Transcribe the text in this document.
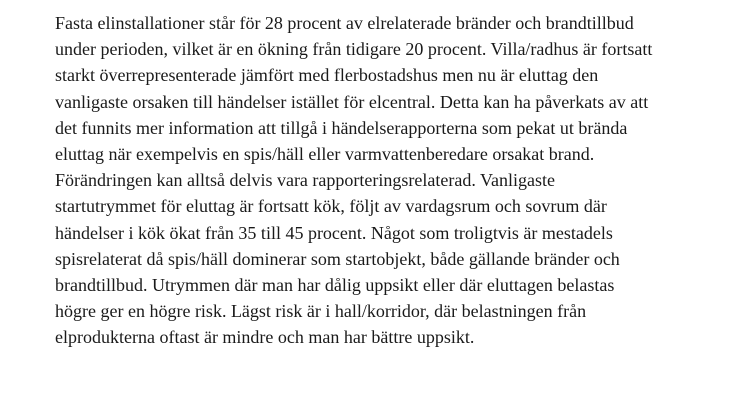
Fasta elinstallationer står för 28 procent av elrelaterade bränder och brandtillbud
under perioden, vilket är en ökning från tidigare 20 procent. Villa/radhus är fortsatt
starkt överrepresenterade jämfört med flerbostadshus men nu är eluttag den
vanligaste orsaken till händelser istället för elcentral. Detta kan ha påverkats av att
det funnits mer information att tillgå i händelserapporterna som pekat ut brända
eluttag när exempelvis en spis/häll eller varmvattenberedare orsakat brand.
Förändringen kan alltså delvis vara rapporteringsrelaterad. Vanligaste
startutrymmet för eluttag är fortsatt kök, följt av vardagsrum och sovrum där
händelser i kök ökat från 35 till 45 procent. Något som troligtvis är mestadels
spisrelaterat då spis/häll dominerar som startobjekt, både gällande bränder och
brandtillbud. Utrymmen där man har dålig uppsikt eller där eluttagen belastas
högre ger en högre risk. Lägst risk är i hall/korridor, där belastningen från
elprodukterna oftast är mindre och man har bättre uppsikt.
